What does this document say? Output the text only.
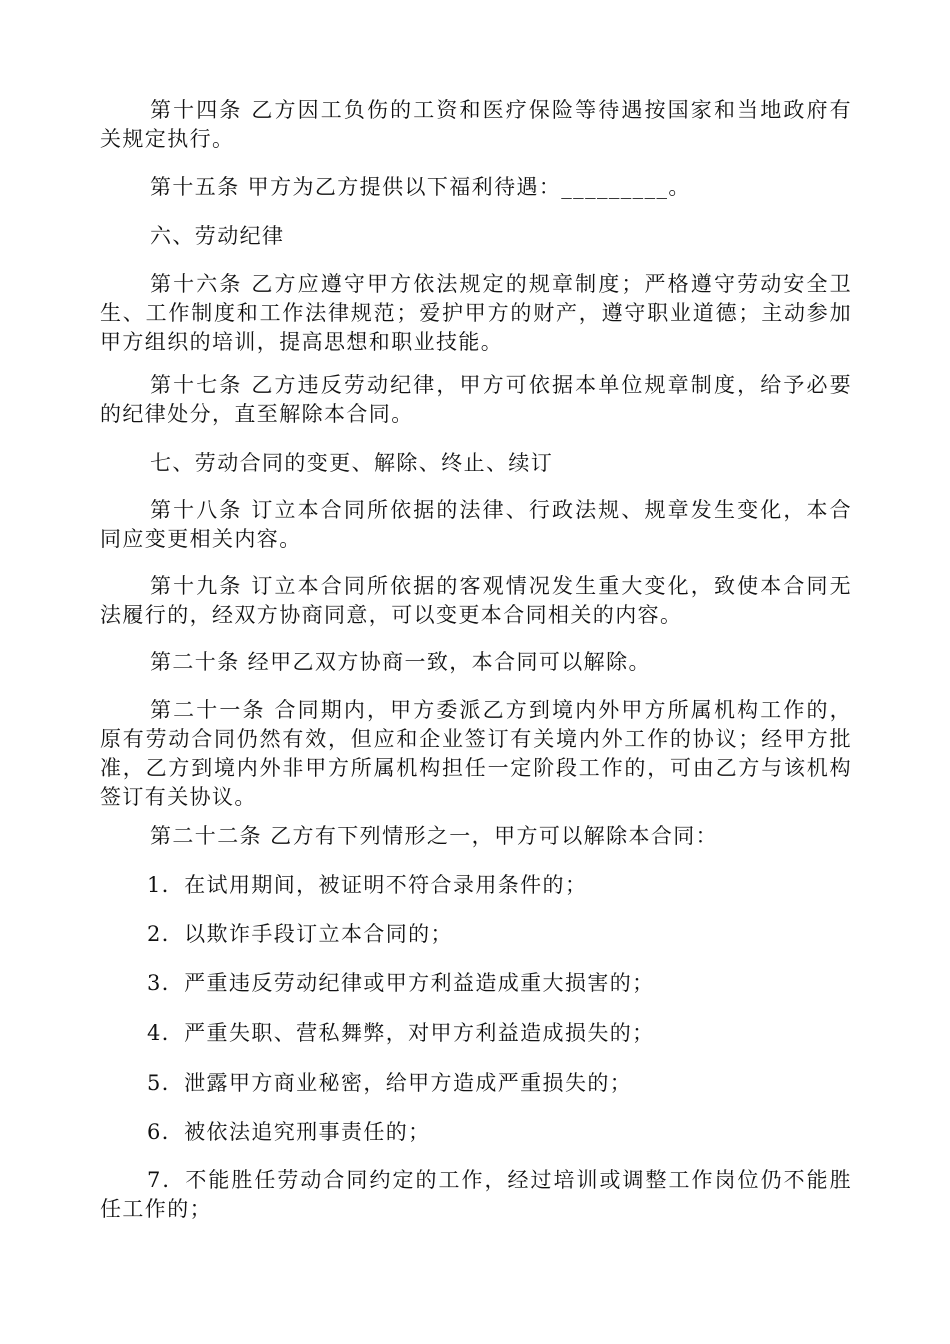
第十四条 乙方因工负伤的工资和医疗保险等待遇按国家和当地政府有关规定执行。

第十五条 甲方为乙方提供以下福利待遇：_________。

六、劳动纪律

第十六条 乙方应遵守甲方依法规定的规章制度；严格遵守劳动安全卫生、工作制度和工作法律规范；爱护甲方的财产，遵守职业道德；主动参加甲方组织的培训，提高思想和职业技能。

第十七条 乙方违反劳动纪律，甲方可依据本单位规章制度，给予必要的纪律处分，直至解除本合同。

七、劳动合同的变更、解除、终止、续订

第十八条 订立本合同所依据的法律、行政法规、规章发生变化，本合同应变更相关内容。

第十九条 订立本合同所依据的客观情况发生重大变化，致使本合同无法履行的，经双方协商同意，可以变更本合同相关的内容。

第二十条 经甲乙双方协商一致，本合同可以解除。

第二十一条 合同期内，甲方委派乙方到境内外甲方所属机构工作的，原有劳动合同仍然有效，但应和企业签订有关境内外工作的协议；经甲方批准，乙方到境内外非甲方所属机构担任一定阶段工作的，可由乙方与该机构签订有关协议。

第二十二条 乙方有下列情形之一，甲方可以解除本合同：

1．在试用期间，被证明不符合录用条件的；

2．以欺诈手段订立本合同的；

3．严重违反劳动纪律或甲方利益造成重大损害的；

4．严重失职、营私舞弊，对甲方利益造成损失的；

5．泄露甲方商业秘密，给甲方造成严重损失的；

6．被依法追究刑事责任的；

7．不能胜任劳动合同约定的工作，经过培训或调整工作岗位仍不能胜任工作的；
